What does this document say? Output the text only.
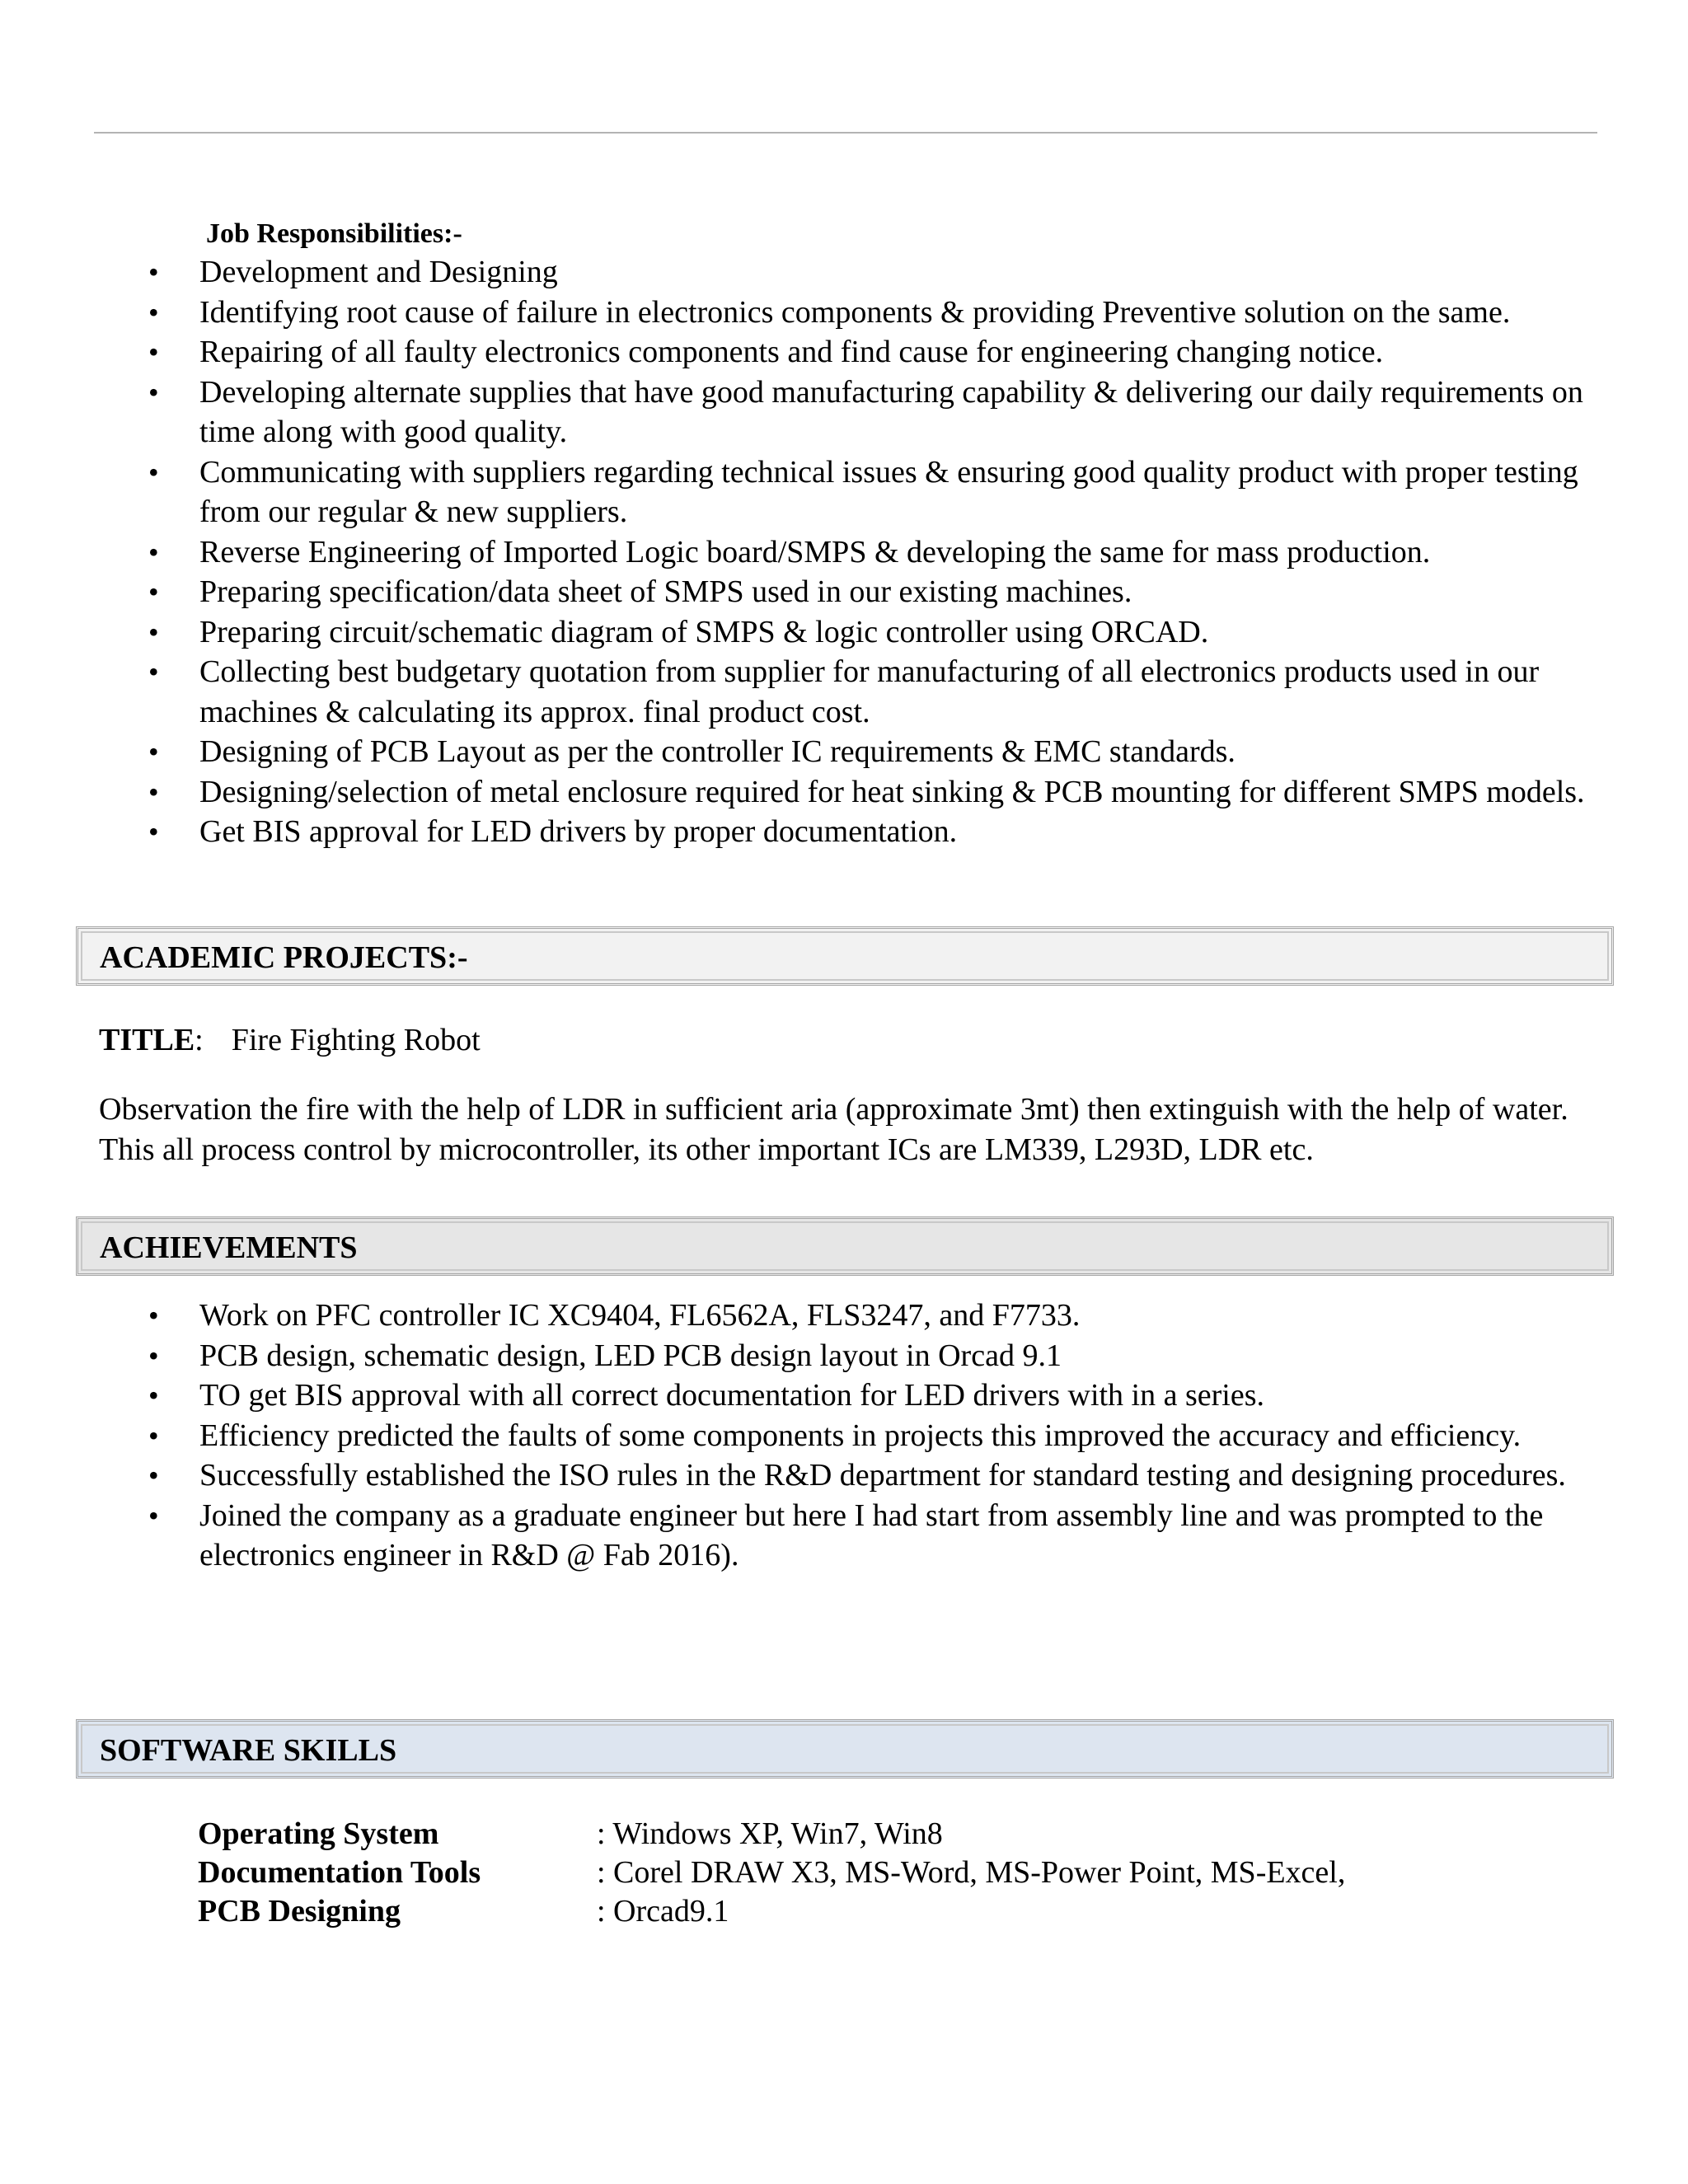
Job Responsibilities:-
• Development and Designing
• Identifying root cause of failure in electronics components & providing Preventive solution on the same.
• Repairing of all faulty electronics components and find cause for engineering changing notice.
• Developing alternate supplies that have good manufacturing capability & delivering our daily requirements on time along with good quality.
• Communicating with suppliers regarding technical issues & ensuring good quality product with proper testing from our regular & new suppliers.
• Reverse Engineering of Imported Logic board/SMPS & developing the same for mass production.
• Preparing specification/data sheet of SMPS used in our existing machines.
• Preparing circuit/schematic diagram of SMPS & logic controller using ORCAD.
• Collecting best budgetary quotation from supplier for manufacturing of all electronics products used in our machines & calculating its approx. final product cost.
• Designing of PCB Layout as per the controller IC requirements & EMC standards.
• Designing/selection of metal enclosure required for heat sinking & PCB mounting for different SMPS models.
• Get BIS approval for LED drivers by proper documentation.
ACADEMIC PROJECTS:-
TITLE: Fire Fighting Robot

Observation the fire with the help of LDR in sufficient aria (approximate 3mt) then extinguish with the help of water. This all process control by microcontroller, its other important ICs are LM339, L293D, LDR etc.

ACHIEVEMENTS
• Work on PFC controller IC XC9404, FL6562A, FLS3247, and F7733.
• PCB design, schematic design, LED PCB design layout in Orcad 9.1
• TO get BIS approval with all correct documentation for LED drivers with in a series.
• Efficiency predicted the faults of some components in projects this improved the accuracy and efficiency.
• Successfully established the ISO rules in the R&D department for standard testing and designing procedures.
• Joined the company as a graduate engineer but here I had start from assembly line and was prompted to the electronics engineer in R&D @ Fab 2016).
SOFTWARE SKILLS
Operating System	: Windows XP, Win7, Win8
Documentation Tools	: Corel DRAW X3, MS-Word, MS-Power Point, MS-Excel,
PCB Designing	: Orcad9.1
